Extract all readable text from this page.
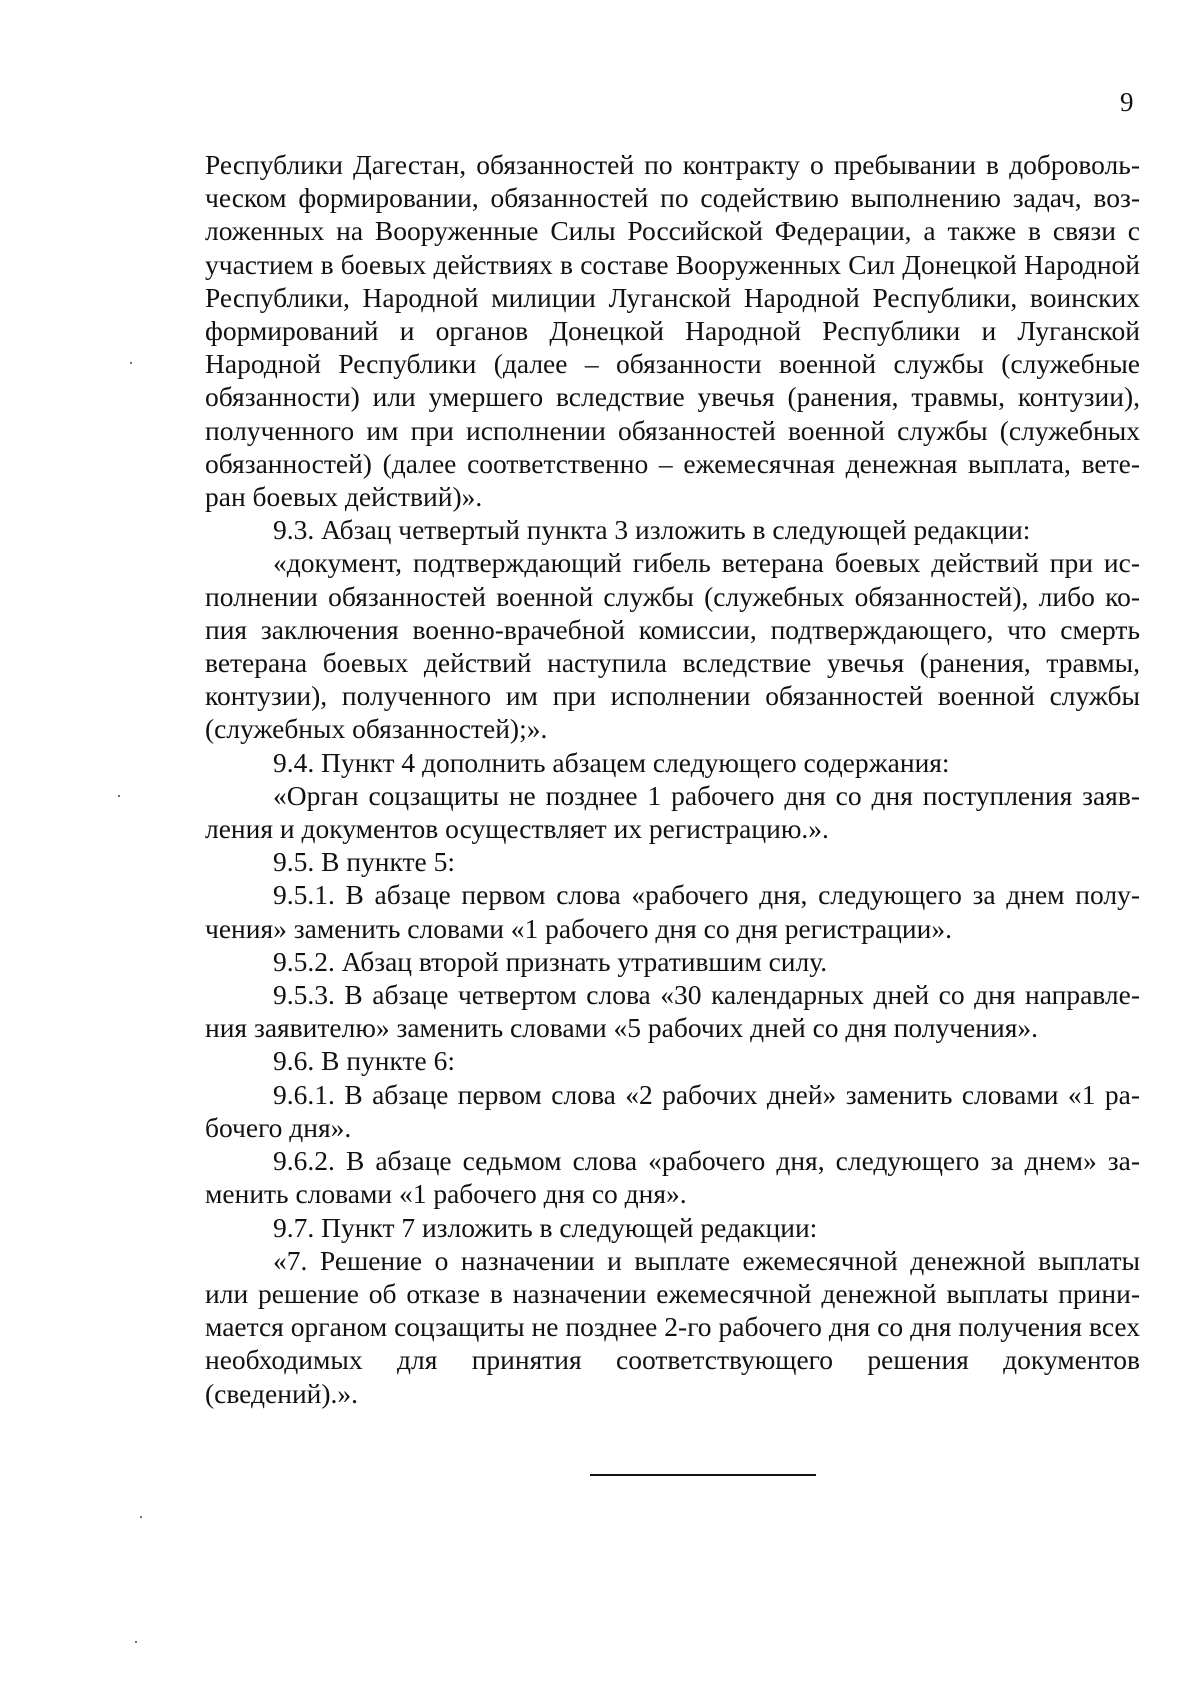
9

Республики Дагестан, обязанностей по контракту о пребывании в добровольческом формировании, обязанностей по содействию выполнению задач, возложенных на Вооруженные Силы Российской Федерации, а также в связи с участием в боевых действиях в составе Вооруженных Сил Донецкой Народной Республики, Народной милиции Луганской Народной Республики, воинских формирований и органов Донецкой Народной Республики и Луганской Народной Республики (далее – обязанности военной службы (служебные обязанности) или умершего вследствие увечья (ранения, травмы, контузии), полученного им при исполнении обязанностей военной службы (служебных обязанностей) (далее соответственно – ежемесячная денежная выплата, ветеран боевых действий)».

9.3. Абзац четвертый пункта 3 изложить в следующей редакции:

«документ, подтверждающий гибель ветерана боевых действий при исполнении обязанностей военной службы (служебных обязанностей), либо копия заключения военно-врачебной комиссии, подтверждающего, что смерть ветерана боевых действий наступила вследствие увечья (ранения, травмы, контузии), полученного им при исполнении обязанностей военной службы (служебных обязанностей);».

9.4. Пункт 4 дополнить абзацем следующего содержания:

«Орган соцзащиты не позднее 1 рабочего дня со дня поступления заявления и документов осуществляет их регистрацию.».

9.5. В пункте 5:

9.5.1. В абзаце первом слова «рабочего дня, следующего за днем получения» заменить словами «1 рабочего дня со дня регистрации».

9.5.2. Абзац второй признать утратившим силу.

9.5.3. В абзаце четвертом слова «30 календарных дней со дня направления заявителю» заменить словами «5 рабочих дней со дня получения».

9.6. В пункте 6:

9.6.1. В абзаце первом слова «2 рабочих дней» заменить словами «1 рабочего дня».

9.6.2. В абзаце седьмом слова «рабочего дня, следующего за днем» заменить словами «1 рабочего дня со дня».

9.7. Пункт 7 изложить в следующей редакции:

«7. Решение о назначении и выплате ежемесячной денежной выплаты или решение об отказе в назначении ежемесячной денежной выплаты принимается органом соцзащиты не позднее 2-го рабочего дня со дня получения всех необходимых для принятия соответствующего решения документов (сведений).».
